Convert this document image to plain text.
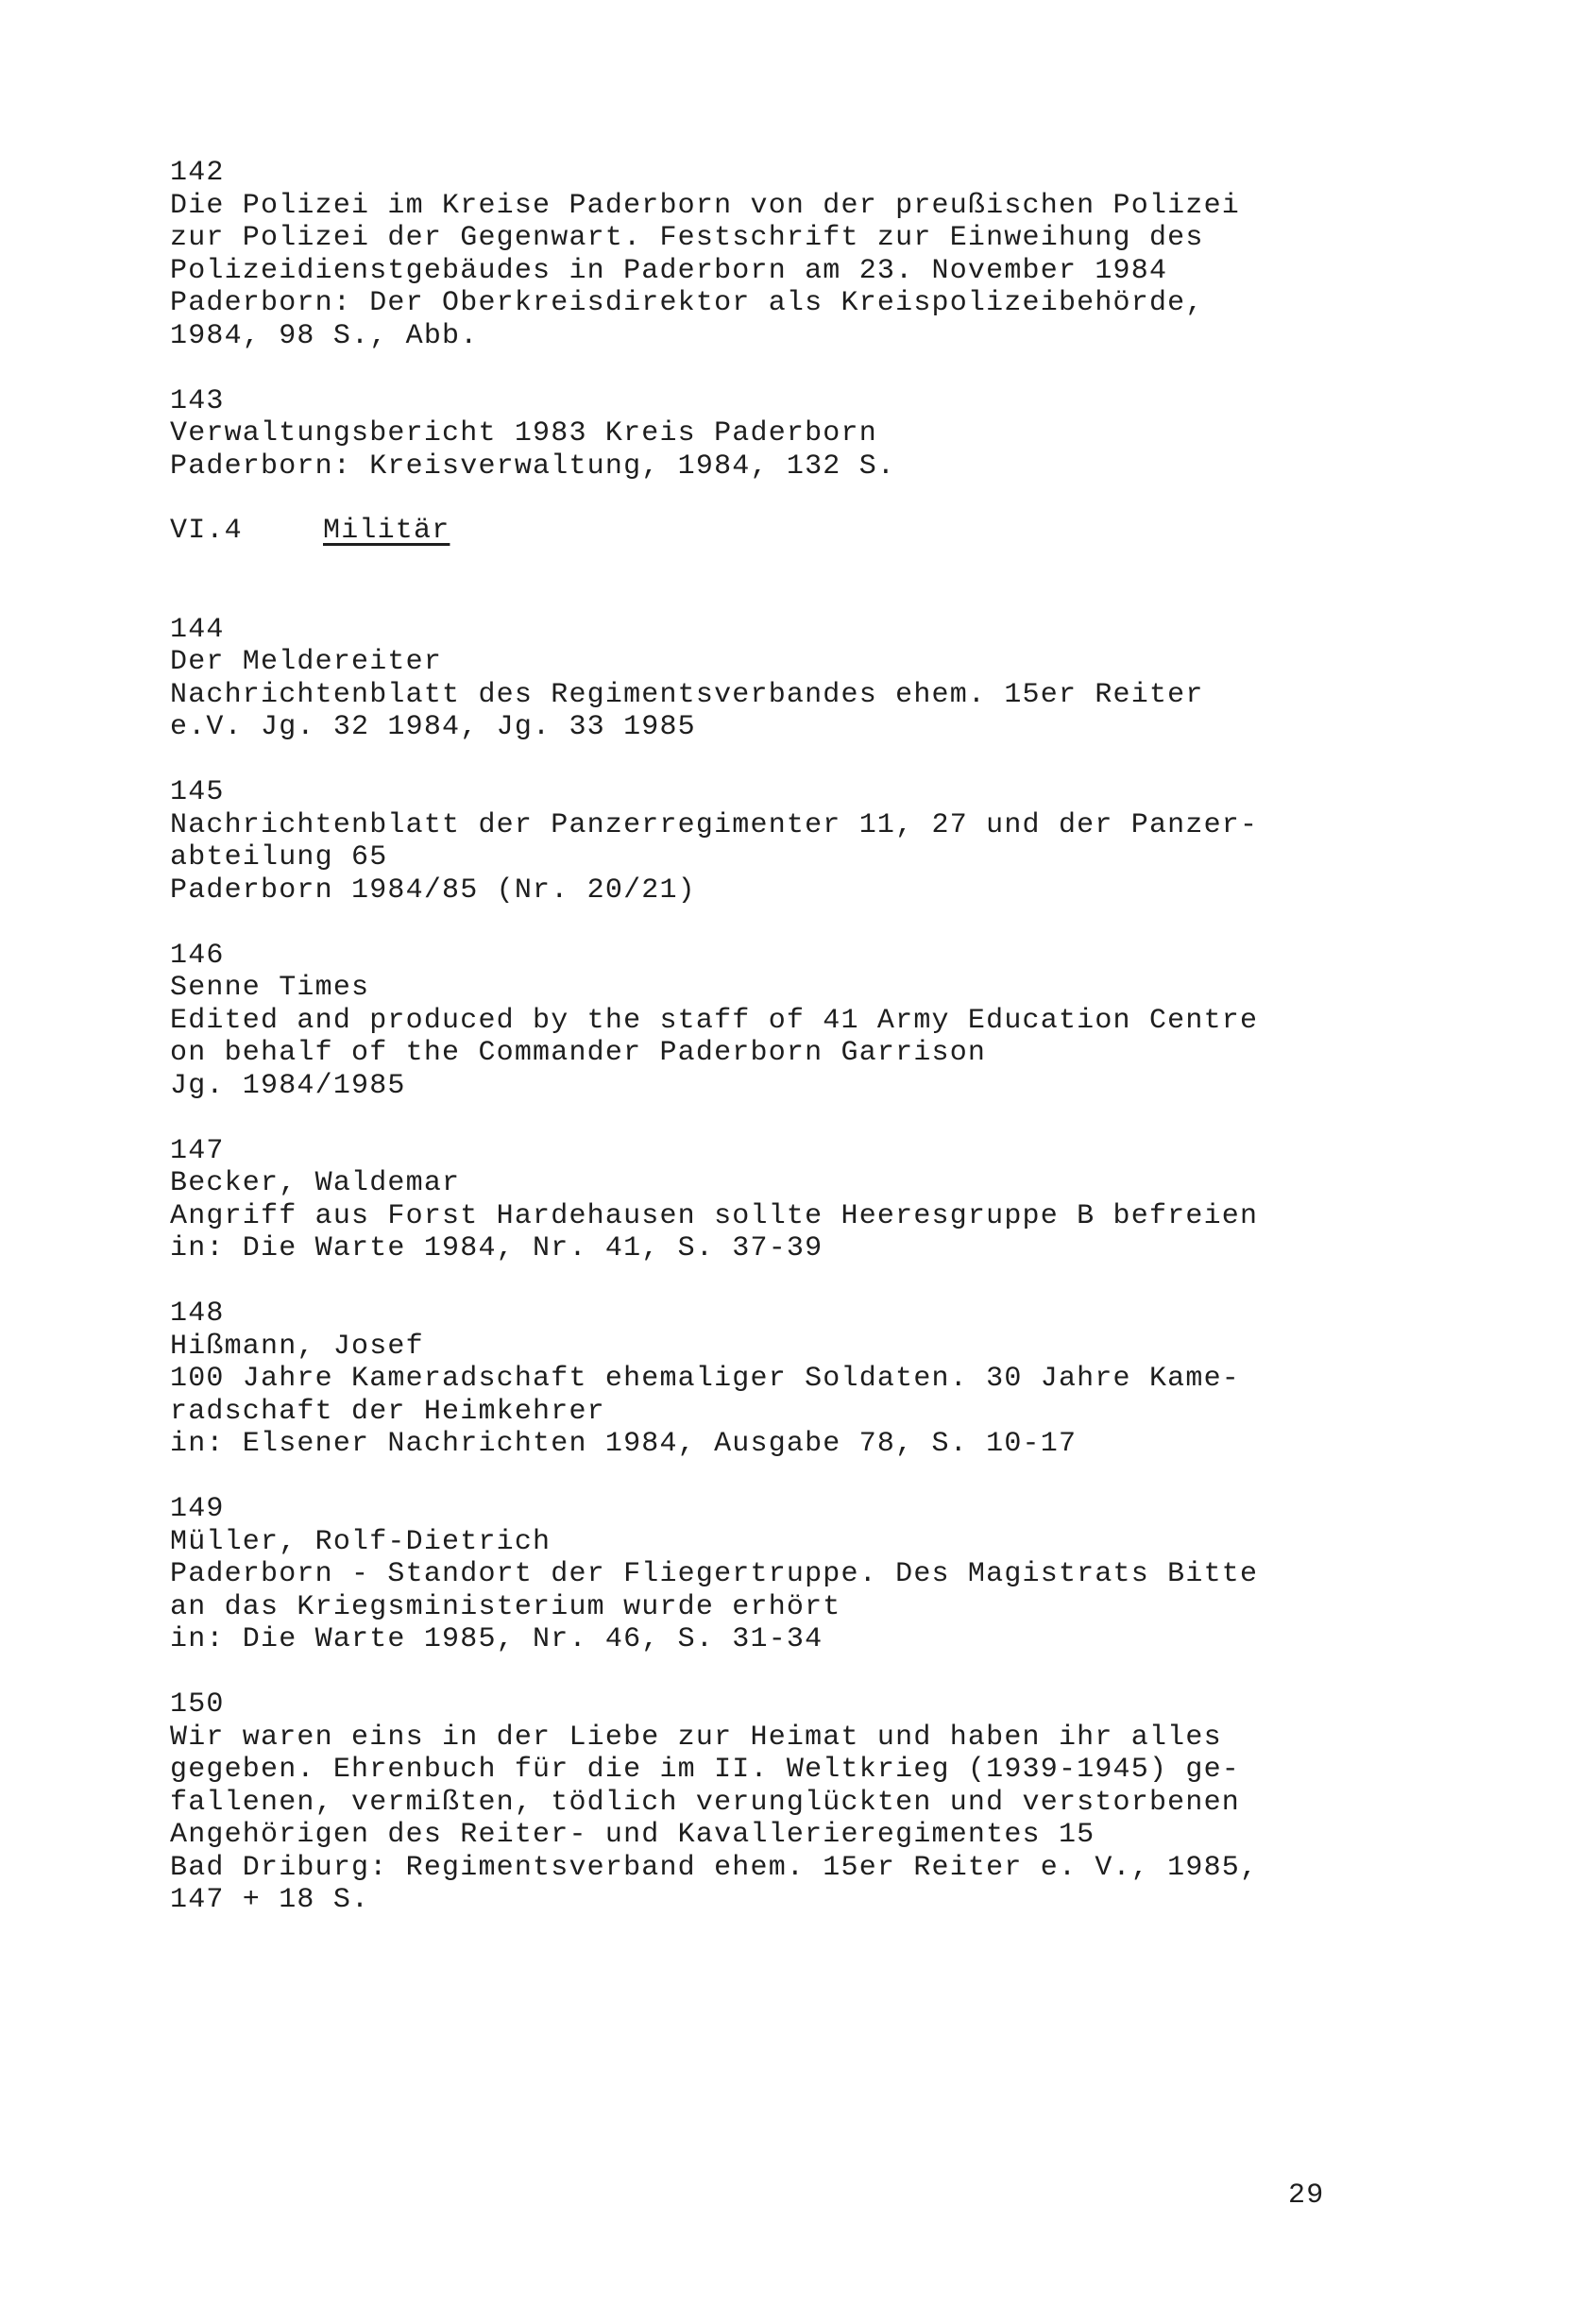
142
Die Polizei im Kreise Paderborn von der preußischen Polizei
zur Polizei der Gegenwart. Festschrift zur Einweihung des
Polizeidienstgebäudes in Paderborn am 23. November 1984
Paderborn: Der Oberkreisdirektor als Kreispolizeibehörde,
1984, 98 S., Abb.
143
Verwaltungsbericht 1983 Kreis Paderborn
Paderborn: Kreisverwaltung, 1984, 132 S.
VI.4	Militär
144
Der Meldereiter
Nachrichtenblatt des Regimentsverbandes ehem. 15er Reiter
e.V. Jg. 32 1984, Jg. 33 1985
145
Nachrichtenblatt der Panzerregimenter 11, 27 und der Panzer-
abteilung 65
Paderborn 1984/85 (Nr. 20/21)
146
Senne Times
Edited and produced by the staff of 41 Army Education Centre
on behalf of the Commander Paderborn Garrison
Jg. 1984/1985
147
Becker, Waldemar
Angriff aus Forst Hardehausen sollte Heeresgruppe B befreien
in: Die Warte 1984, Nr. 41, S. 37-39
148
Hißmann, Josef
100 Jahre Kameradschaft ehemaliger Soldaten. 30 Jahre Kame-
radschaft der Heimkehrer
in: Elsener Nachrichten 1984, Ausgabe 78, S. 10-17
149
Müller, Rolf-Dietrich
Paderborn - Standort der Fliegertruppe. Des Magistrats Bitte
an das Kriegsministerium wurde erhört
in: Die Warte 1985, Nr. 46, S. 31-34
150
Wir waren eins in der Liebe zur Heimat und haben ihr alles
gegeben. Ehrenbuch für die im II. Weltkrieg (1939-1945) ge-
fallenen, vermißten, tödlich verunglückten und verstorbenen
Angehörigen des Reiter- und Kavallerieregimentes 15
Bad Driburg: Regimentsverband ehem. 15er Reiter e. V., 1985,
147 + 18 S.
29
